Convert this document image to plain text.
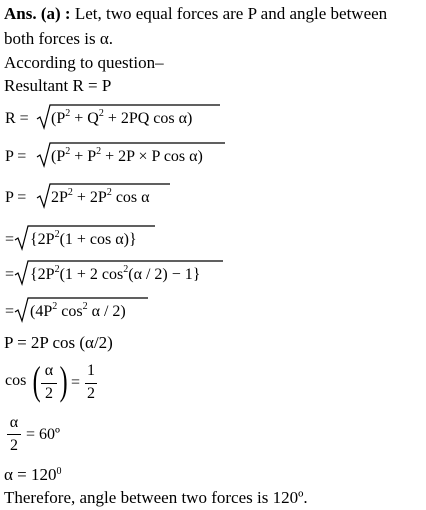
Ans. (a) : Let, two equal forces are P and angle between
both forces is α.
According to question–
Resultant R = P
$R = (P^2 + Q^2 + 2PQ$ cos α)
$P = (P^2 + P^2 + 2P \times P$ cos α)
$P = 2P^2 + 2P^2$ cos α
= $\{2P^2(1 + \cos \alpha)\}$
= {$2P^2(1 + 2$ $\cos^2(\alpha / 2) - 1$}
= ($4P^2$ $\cos^2 \alpha / 2$)
P = 2P cos (α/2)
cos ( α
2 ) =
1
2
α
2
= 60º
$\alpha = 120^0$
Therefore, angle between two forces is 120º.
